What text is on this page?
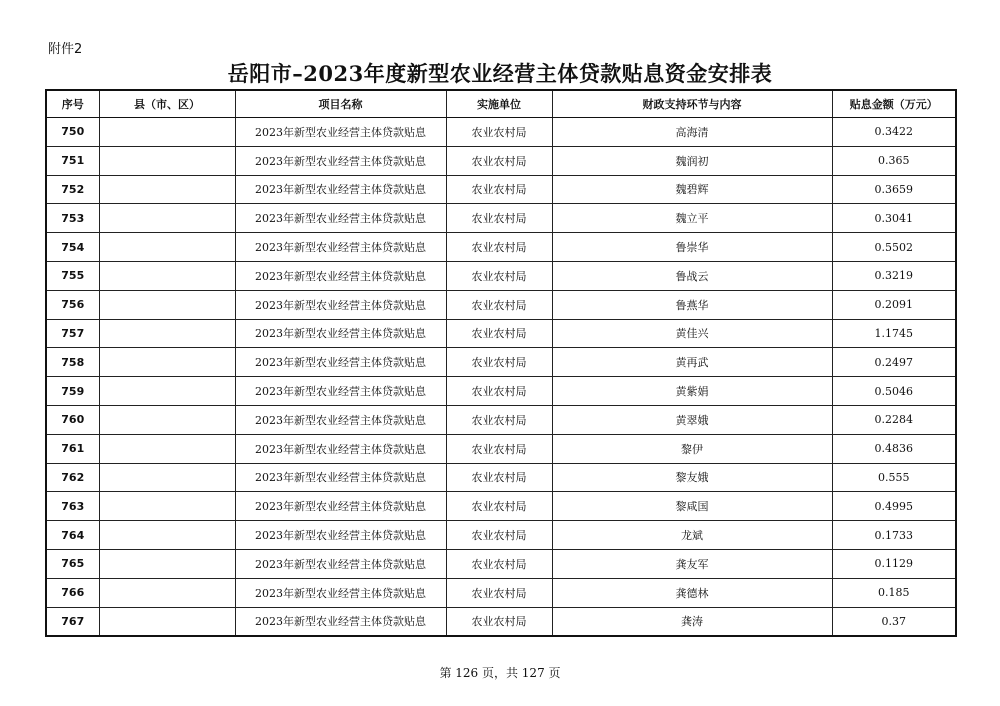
附件2
岳阳市–2023年度新型农业经营主体贷款贴息资金安排表
序号	县（市、区）	项目名称	实施单位	财政支持环节与内容	贴息金额（万元）
750		2023年新型农业经营主体贷款贴息	农业农村局	高海清	0.3422
751		2023年新型农业经营主体贷款贴息	农业农村局	魏润初	0.365
752		2023年新型农业经营主体贷款贴息	农业农村局	魏碧辉	0.3659
753		2023年新型农业经营主体贷款贴息	农业农村局	魏立平	0.3041
754		2023年新型农业经营主体贷款贴息	农业农村局	鲁崇华	0.5502
755		2023年新型农业经营主体贷款贴息	农业农村局	鲁战云	0.3219
756		2023年新型农业经营主体贷款贴息	农业农村局	鲁燕华	0.2091
757		2023年新型农业经营主体贷款贴息	农业农村局	黄佳兴	1.1745
758		2023年新型农业经营主体贷款贴息	农业农村局	黄再武	0.2497
759		2023年新型农业经营主体贷款贴息	农业农村局	黄紫娟	0.5046
760		2023年新型农业经营主体贷款贴息	农业农村局	黄翠娥	0.2284
761		2023年新型农业经营主体贷款贴息	农业农村局	黎伊	0.4836
762		2023年新型农业经营主体贷款贴息	农业农村局	黎友娥	0.555
763		2023年新型农业经营主体贷款贴息	农业农村局	黎咸国	0.4995
764		2023年新型农业经营主体贷款贴息	农业农村局	龙斌	0.1733
765		2023年新型农业经营主体贷款贴息	农业农村局	龚友军	0.1129
766		2023年新型农业经营主体贷款贴息	农业农村局	龚德林	0.185
767		2023年新型农业经营主体贷款贴息	农业农村局	龚涛	0.37
第 126 页，共 127 页
